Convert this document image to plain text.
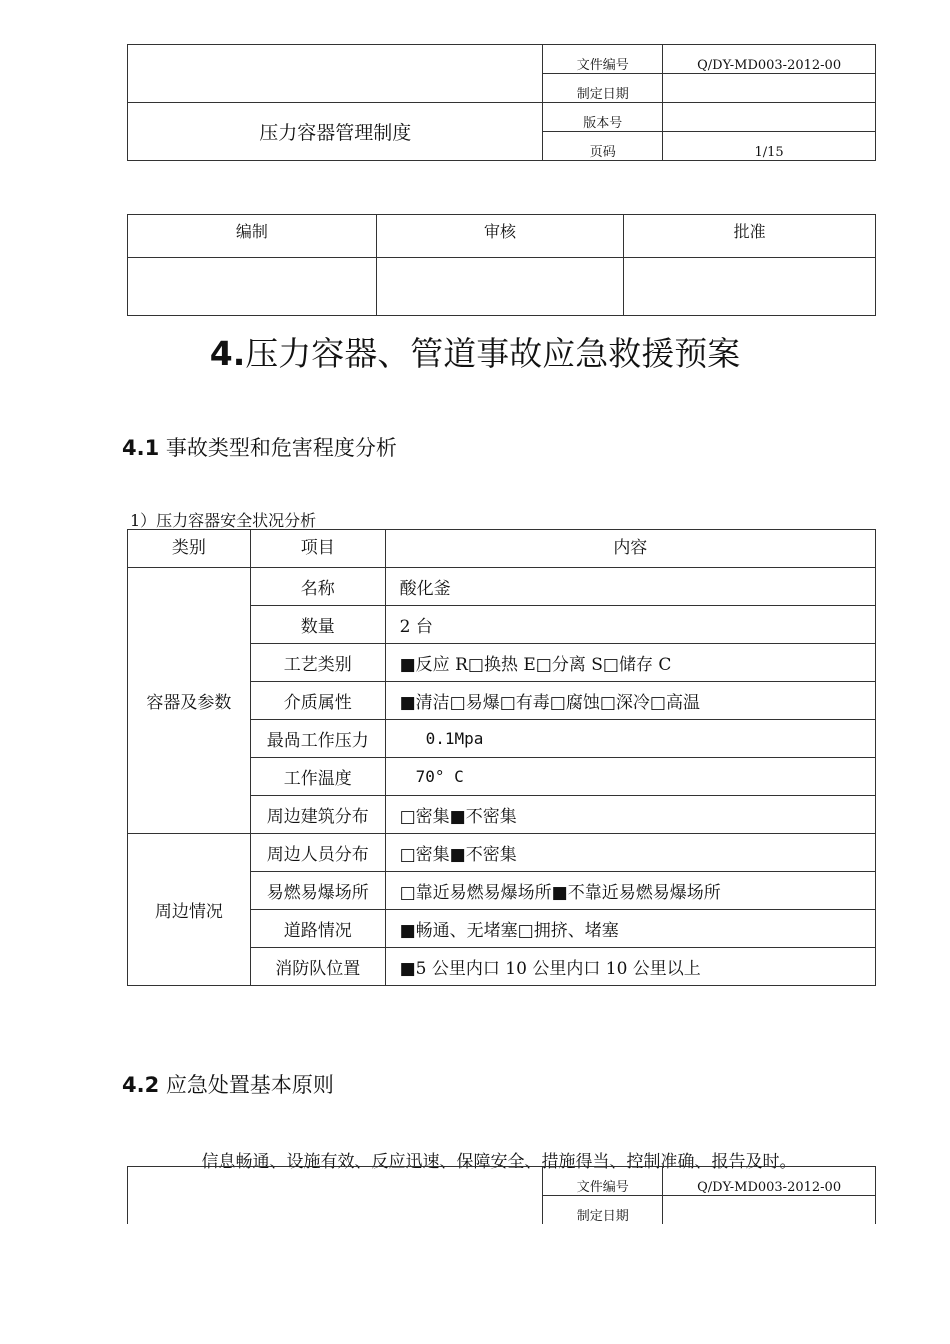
	文件编号	Q/DY-MD003-2012-00
	制定日期	
压力容器管理制度	版本号	
	页码	1/15
编制	审核	批准

4.压力容器、管道事故应急救援预案
4.1 事故类型和危害程度分析
1）压力容器安全状况分析
类别	项目	内容
容器及参数	名称	酸化釜
	数量	2 台
	工艺类别	■反应 R□换热 E□分离 S□储存 C
	介质属性	■清洁□易爆□有毒□腐蚀□深冷□高温
	最咼工作压力	0.1Mpa
	工作温度	70° C
	周边建筑分布	□密集■不密集
周边情况	周边人员分布	□密集■不密集
	易燃易爆场所	□靠近易燃易爆场所■不靠近易燃易爆场所
	道路情况	■畅通、无堵塞□拥挤、堵塞
	消防队位置	■5 公里内口 10 公里内口 10 公里以上
4.2 应急处置基本原则
信息畅通、设施有效、反应迅速、保障安全、措施得当、控制准确、报告及时。
	文件编号	Q/DY-MD003-2012-00
	制定日期	
